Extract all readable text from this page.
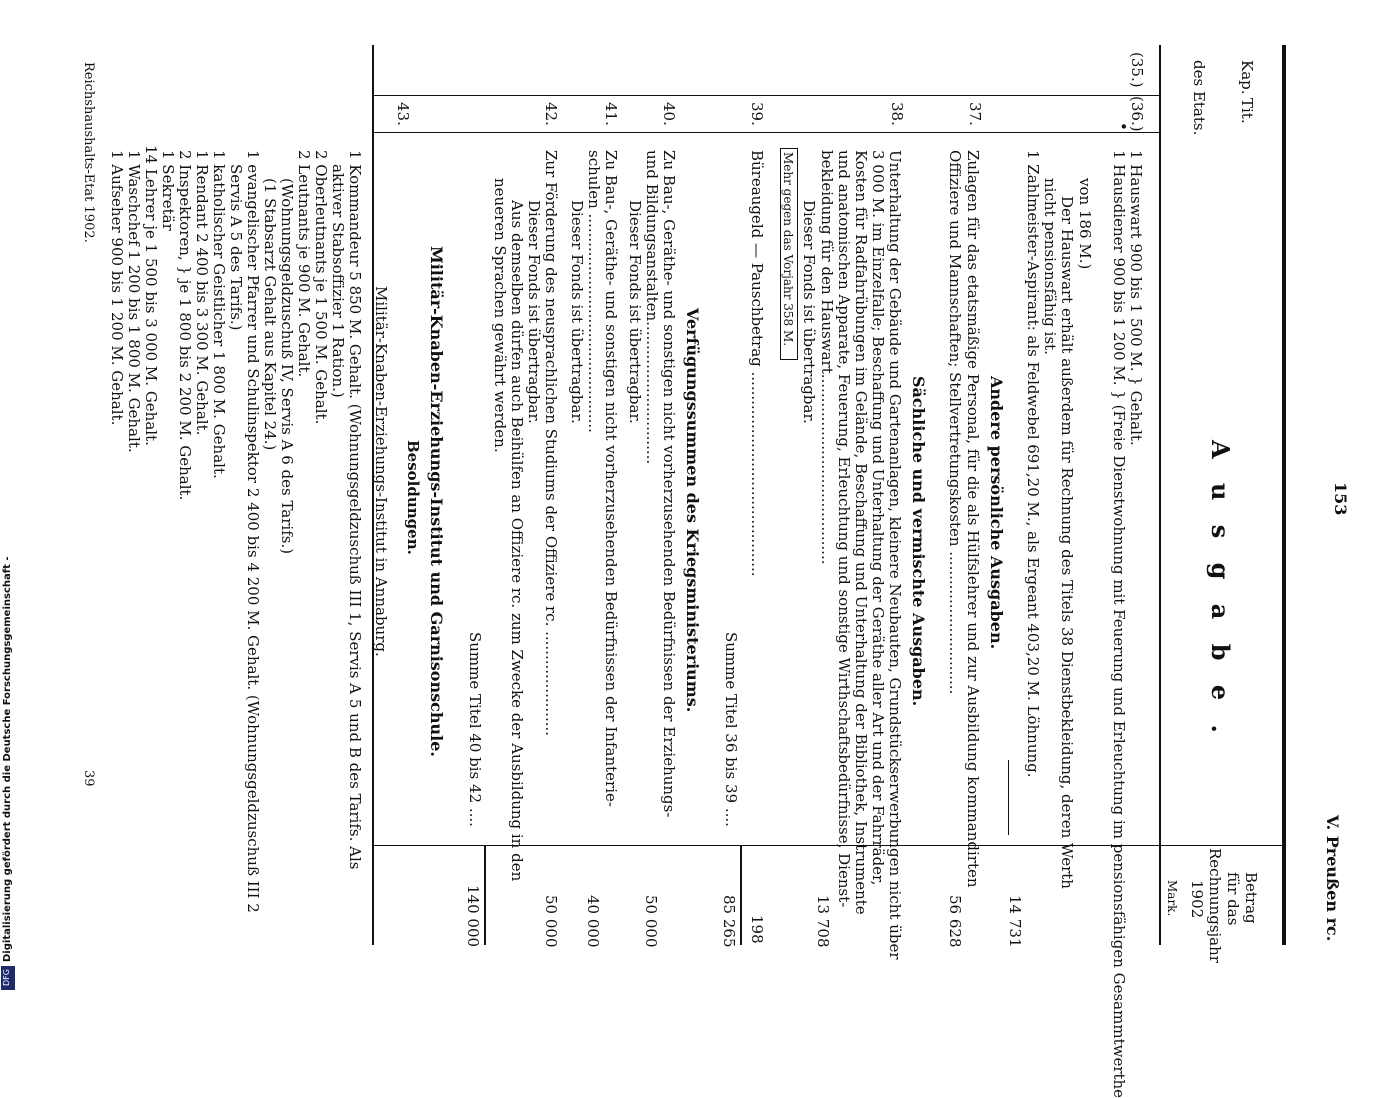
153
V. Preußen rc.
Kap.
Tit.
des Etats.
A u s g a b e .
Betrag
für das
Rechnungsjahr
1902
Mark.
(35.)
(36.)
•
1 Hauswart 900 bis 1 500 M. } Gehalt.
1 Hausdiener 900 bis 1 200 M. } (Freie Dienstwohnung mit Feuerung und Erleuchtung im pensionsfähigen Gesammtwerthe
von 186 M.)
Der Hauswart erhält außerdem für Rechnung des Titels 38 Dienstbekleidung, deren Werth
nicht pensionsfähig ist.
1 Zahlmeister-Aspirant: als Feldwebel 691,20 M., als Ergeant 403,20 M. Löhnung.
Andere persönliche Ausgaben.
37.
Zulagen für das etatsmäßige Personal, für die als Hülfslehrer und zur Ausbildung kommandirten
Offiziere und Mannschaften; Stellvertretungskosten ..............................
Sächliche und vermischte Ausgaben.
38.
Unterhaltung der Gebäude und Gartenanlagen, kleinere Neubauten, Grundstückserwerbungen nicht über
3 000 M. im Einzelfalle; Beschaffung und Unterhaltung der Geräthe aller Art und der Fahrräder,
Kosten für Radfahrübungen im Gelände, Beschaffung und Unterhaltung der Bibliothek, Instrumente
und anatomischen Apparate, Feuerung, Erleuchtung und sonstige Wirthschaftsbedürfnisse, Dienst-
bekleidung für den Hauswart........................................
Dieser Fonds ist übertragbar.
Mehr gegen das Vorjahr 358 M.
39.
Büreaugeld — Pauschbetrag ...........................................
Summe Titel 36 bis 39 ....
Verfügungssummen des Kriegsministeriums.
40.
Zu Bau-, Geräthe- und sonstigen nicht vorherzusehenden Bedürfnissen der Erziehungs-
und Bildungsanstalten..............................
Dieser Fonds ist übertragbar.
41.
Zu Bau-, Geräthe- und sonstigen nicht vorherzusehenden Bedürfnissen der Infanterie-
schulen ..............................................
Dieser Fonds ist übertragbar.
42.
Zur Förderung des neusprachlichen Studiums der Offiziere rc. ......................
Dieser Fonds ist übertragbar.
Aus demselben dürfen auch Beihülfen an Offiziere rc. zum Zwecke der Ausbildung in den
neueren Sprachen gewährt werden.
Summe Titel 40 bis 42 ....
Militär-Knaben-Erziehungs-Institut und Garnisonschule.
Besoldungen.
43.
Militär-Knaben-Erziehungs-Institut in Annaburg.
1 Kommandeur 5 850 M. Gehalt. (Wohnungsgeldzuschuß III 1, Servis A 5 und B des Tarifs. Als
aktiver Stabsoffizier 1 Ration.)
2 Oberleutnants je 1 500 M. Gehalt.
2 Leutnants je 900 M. Gehalt.
(Wohnungsgeldzuschuß IV, Servis A 6 des Tarifs.)
(1 Stabsarzt Gehalt aus Kapitel 24.)
1 evangelischer Pfarrer und Schulinspektor 2 400 bis 4 200 M. Gehalt. (Wohnungsgeldzuschuß III 2
Servis A 5 des Tarifs.)
1 katholischer Geistlicher 1 800 M. Gehalt.
1 Rendant 2 400 bis 3 300 M. Gehalt.
2 Inspektoren, } je 1 800 bis 2 200 M. Gehalt.
1 Sekretär
14 Lehrer je 1 500 bis 3 000 M. Gehalt.
1 Waschchef 1 200 bis 1 800 M. Gehalt.
1 Aufseher 900 bis 1 200 M. Gehalt.
14 731
56 628
13 708
198
85 265
50 000
40 000
50 000
140 000
Reichshaushalts-Etat 1902.
39
Digitalisierung gefördert durch die Deutsche Forschungsgemeinschaft -
DFG
